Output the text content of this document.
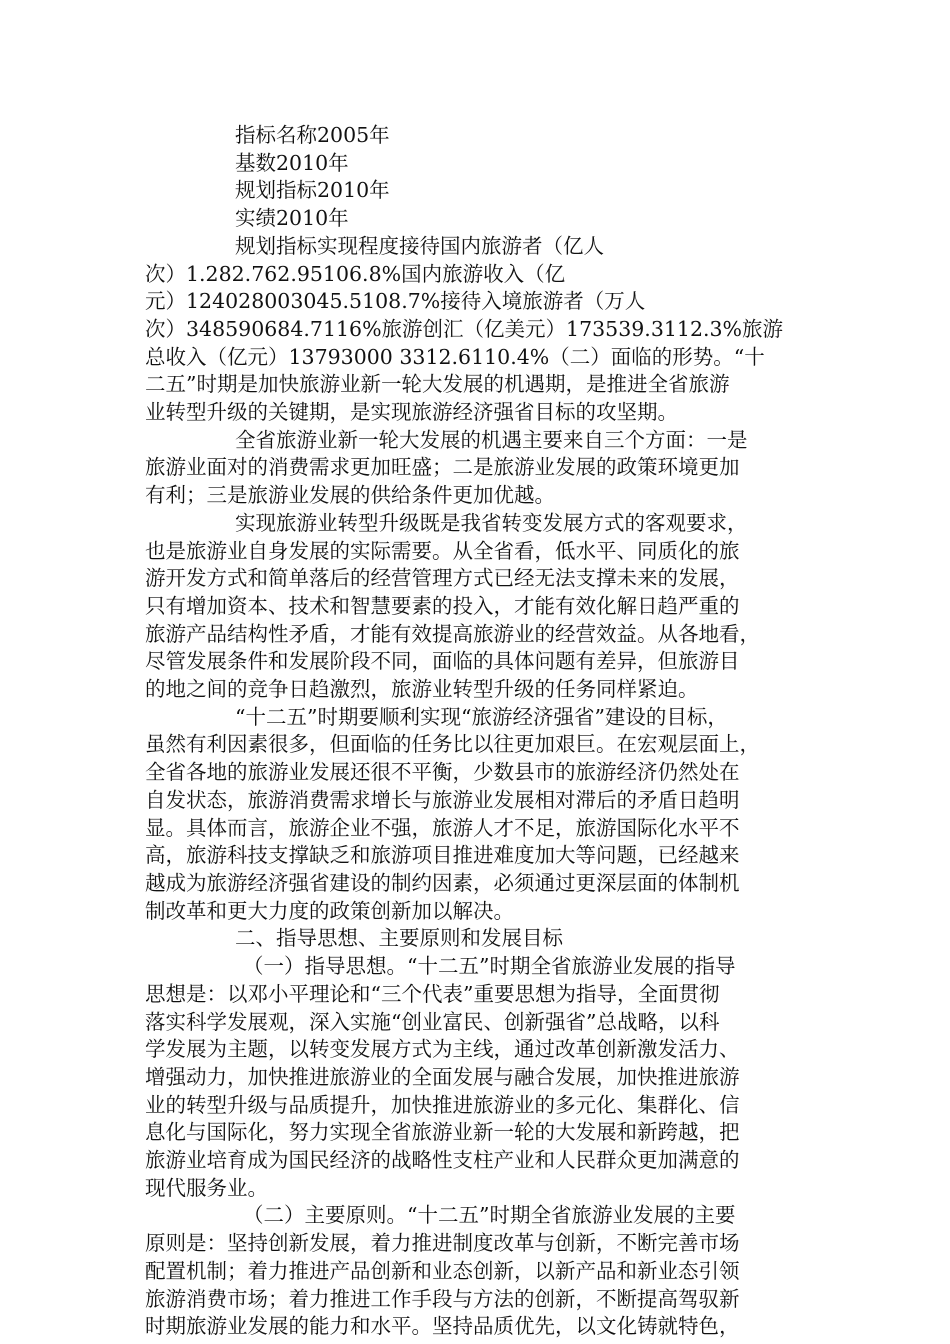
指标名称2005年
基数2010年
规划指标2010年
实绩2010年
规划指标实现程度接待国内旅游者（亿人
次）1.282.762.95106.8%国内旅游收入（亿
元）124028003045.5108.7%接待入境旅游者（万人
次）348590684.7116%旅游创汇（亿美元）173539.3112.3%旅游
总收入（亿元）13793000 3312.6110.4%（二）面临的形势。“十
二五”时期是加快旅游业新一轮大发展的机遇期，是推进全省旅游
业转型升级的关键期，是实现旅游经济强省目标的攻坚期。
全省旅游业新一轮大发展的机遇主要来自三个方面：一是
旅游业面对的消费需求更加旺盛；二是旅游业发展的政策环境更加
有利；三是旅游业发展的供给条件更加优越。
实现旅游业转型升级既是我省转变发展方式的客观要求，
也是旅游业自身发展的实际需要。从全省看，低水平、同质化的旅
游开发方式和简单落后的经营管理方式已经无法支撑未来的发展，
只有增加资本、技术和智慧要素的投入，才能有效化解日趋严重的
旅游产品结构性矛盾，才能有效提高旅游业的经营效益。从各地看，
尽管发展条件和发展阶段不同，面临的具体问题有差异，但旅游目
的地之间的竞争日趋激烈，旅游业转型升级的任务同样紧迫。
“十二五”时期要顺利实现“旅游经济强省”建设的目标，
虽然有利因素很多，但面临的任务比以往更加艰巨。在宏观层面上，
全省各地的旅游业发展还很不平衡，少数县市的旅游经济仍然处在
自发状态，旅游消费需求增长与旅游业发展相对滞后的矛盾日趋明
显。具体而言，旅游企业不强，旅游人才不足，旅游国际化水平不
高，旅游科技支撑缺乏和旅游项目推进难度加大等问题，已经越来
越成为旅游经济强省建设的制约因素，必须通过更深层面的体制机
制改革和更大力度的政策创新加以解决。
二、指导思想、主要原则和发展目标
（一）指导思想。“十二五”时期全省旅游业发展的指导
思想是：以邓小平理论和“三个代表”重要思想为指导，全面贯彻
落实科学发展观，深入实施“创业富民、创新强省”总战略，以科
学发展为主题，以转变发展方式为主线，通过改革创新激发活力、
增强动力，加快推进旅游业的全面发展与融合发展，加快推进旅游
业的转型升级与品质提升，加快推进旅游业的多元化、集群化、信
息化与国际化，努力实现全省旅游业新一轮的大发展和新跨越，把
旅游业培育成为国民经济的战略性支柱产业和人民群众更加满意的
现代服务业。
（二）主要原则。“十二五”时期全省旅游业发展的主要
原则是：坚持创新发展，着力推进制度改革与创新，不断完善市场
配置机制；着力推进产品创新和业态创新，以新产品和新业态引领
旅游消费市场；着力推进工作手段与方法的创新，不断提高驾驭新
时期旅游业发展的能力和水平。坚持品质优先，以文化铸就特色，
